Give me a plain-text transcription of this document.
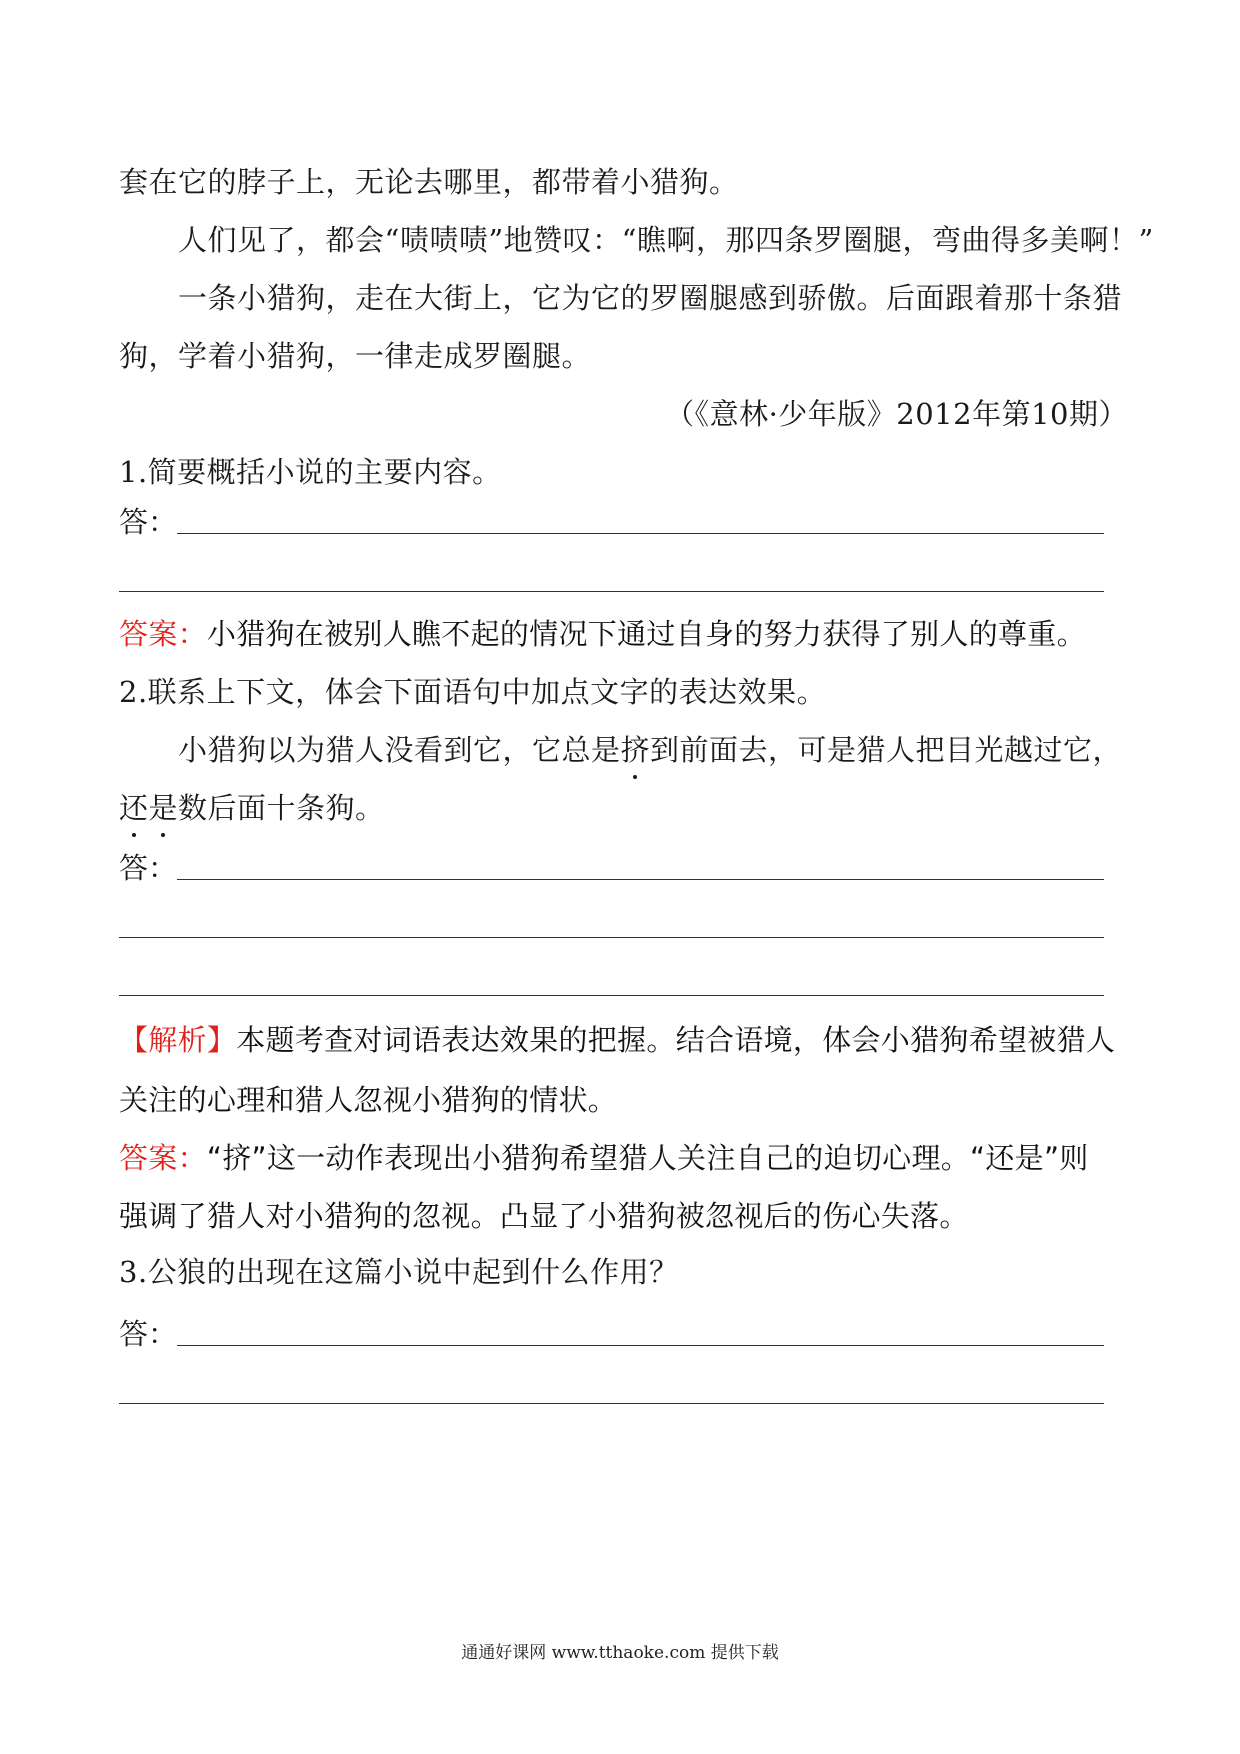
套在它的脖子上，无论去哪里，都带着小猎狗。
人们见了，都会“啧啧啧”地赞叹：“瞧啊，那四条罗圈腿，弯曲得多美啊！”
一条小猎狗，走在大街上，它为它的罗圈腿感到骄傲。后面跟着那十条猎
狗，学着小猎狗，一律走成罗圈腿。
（《意林·少年版》2012年第10期）
1.简要概括小说的主要内容。
答：
答案：小猎狗在被别人瞧不起的情况下通过自身的努力获得了别人的尊重。
2.联系上下文，体会下面语句中加点文字的表达效果。
小猎狗以为猎人没看到它，它总是挤到前面去，可是猎人把目光越过它，
还是数后面十条狗。
答：
【解析】本题考查对词语表达效果的把握。结合语境，体会小猎狗希望被猎人
关注的心理和猎人忽视小猎狗的情状。
答案：“挤”这一动作表现出小猎狗希望猎人关注自己的迫切心理。“还是”则
强调了猎人对小猎狗的忽视。凸显了小猎狗被忽视后的伤心失落。
3.公狼的出现在这篇小说中起到什么作用？
答：
通通好课网 www.tthaoke.com 提供下载
